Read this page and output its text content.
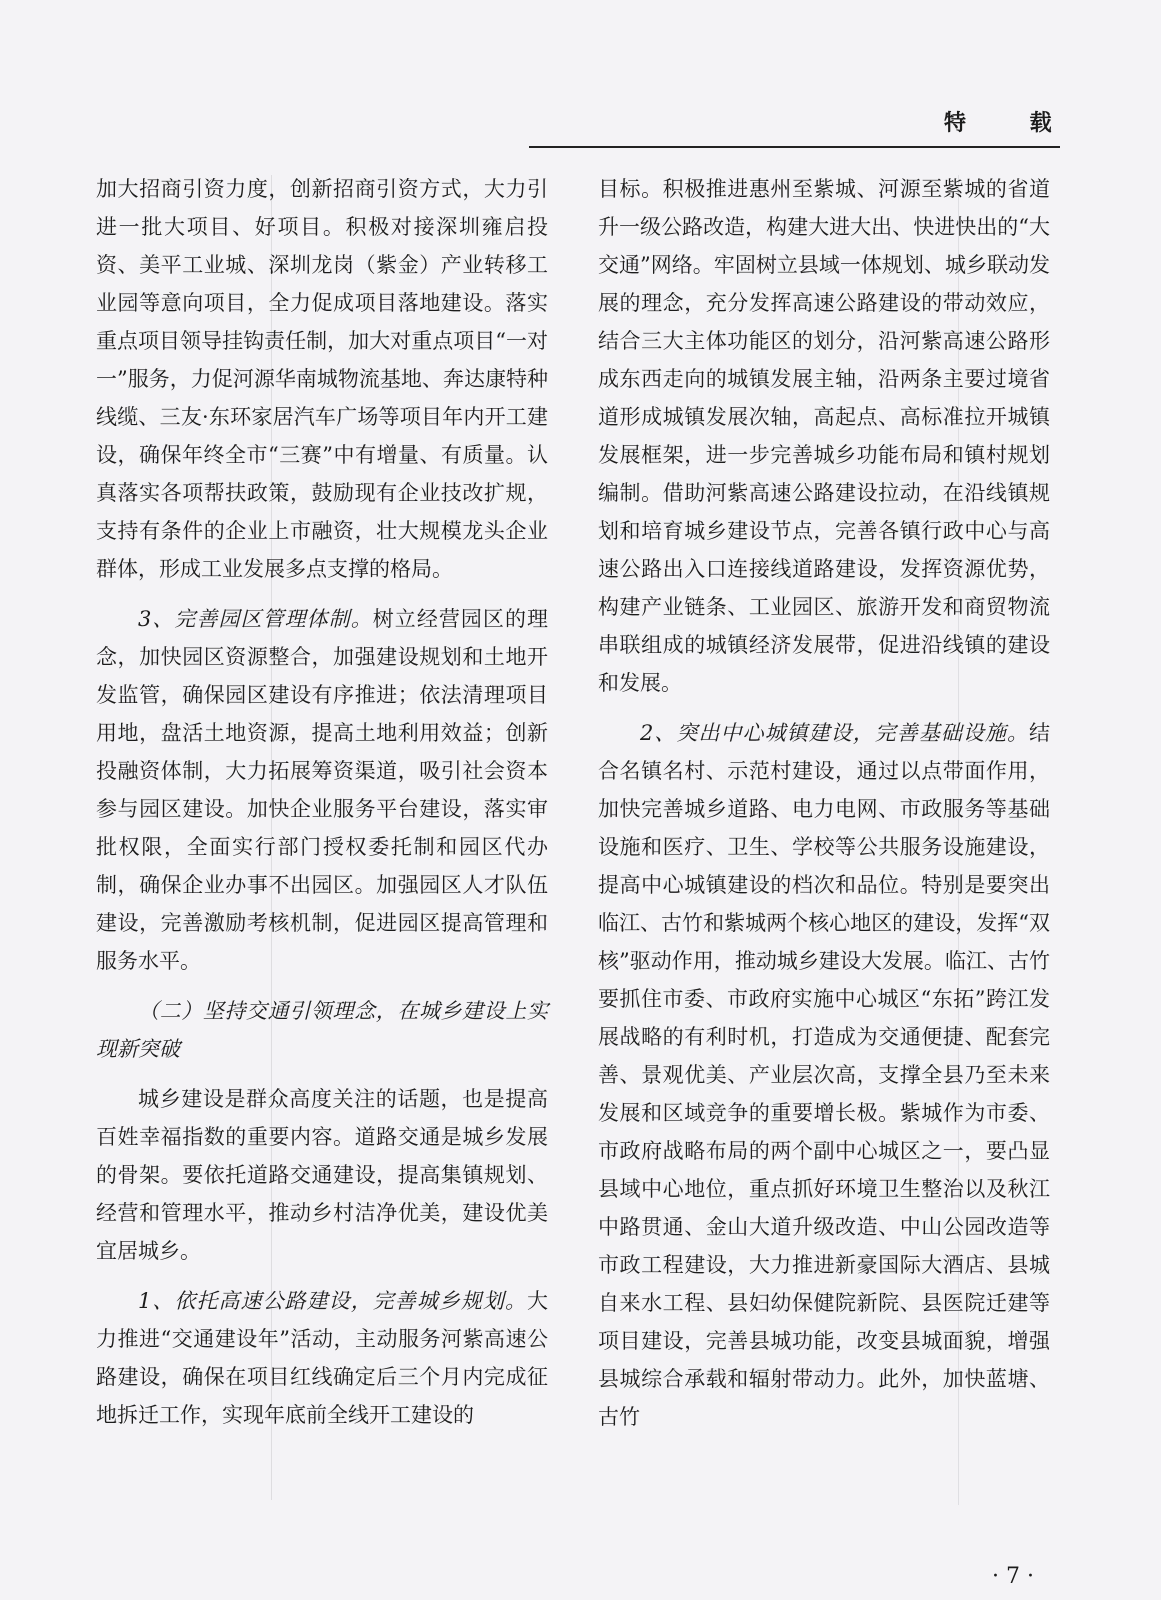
特 载

加大招商引资力度，创新招商引资方式，大力引进一批大项目、好项目。积极对接深圳雍启投资、美平工业城、深圳龙岗（紫金）产业转移工业园等意向项目，全力促成项目落地建设。落实重点项目领导挂钩责任制，加大对重点项目“一对一”服务，力促河源华南城物流基地、奔达康特种线缆、三友·东环家居汽车广场等项目年内开工建设，确保年终全市“三赛”中有增量、有质量。认真落实各项帮扶政策，鼓励现有企业技改扩规，支持有条件的企业上市融资，壮大规模龙头企业群体，形成工业发展多点支撑的格局。

3、完善园区管理体制。树立经营园区的理念，加快园区资源整合，加强建设规划和土地开发监管，确保园区建设有序推进；依法清理项目用地，盘活土地资源，提高土地利用效益；创新投融资体制，大力拓展筹资渠道，吸引社会资本参与园区建设。加快企业服务平台建设，落实审批权限，全面实行部门授权委托制和园区代办制，确保企业办事不出园区。加强园区人才队伍建设，完善激励考核机制，促进园区提高管理和服务水平。

（二）坚持交通引领理念，在城乡建设上实现新突破

城乡建设是群众高度关注的话题，也是提高百姓幸福指数的重要内容。道路交通是城乡发展的骨架。要依托道路交通建设，提高集镇规划、经营和管理水平，推动乡村洁净优美，建设优美宜居城乡。

1、依托高速公路建设，完善城乡规划。大力推进“交通建设年”活动，主动服务河紫高速公路建设，确保在项目红线确定后三个月内完成征地拆迁工作，实现年底前全线开工建设的

目标。积极推进惠州至紫城、河源至紫城的省道升一级公路改造，构建大进大出、快进快出的“大交通”网络。牢固树立县域一体规划、城乡联动发展的理念，充分发挥高速公路建设的带动效应，结合三大主体功能区的划分，沿河紫高速公路形成东西走向的城镇发展主轴，沿两条主要过境省道形成城镇发展次轴，高起点、高标准拉开城镇发展框架，进一步完善城乡功能布局和镇村规划编制。借助河紫高速公路建设拉动，在沿线镇规划和培育城乡建设节点，完善各镇行政中心与高速公路出入口连接线道路建设，发挥资源优势，构建产业链条、工业园区、旅游开发和商贸物流串联组成的城镇经济发展带，促进沿线镇的建设和发展。

2、突出中心城镇建设，完善基础设施。结合名镇名村、示范村建设，通过以点带面作用，加快完善城乡道路、电力电网、市政服务等基础设施和医疗、卫生、学校等公共服务设施建设，提高中心城镇建设的档次和品位。特别是要突出临江、古竹和紫城两个核心地区的建设，发挥“双核”驱动作用，推动城乡建设大发展。临江、古竹要抓住市委、市政府实施中心城区“东拓”跨江发展战略的有利时机，打造成为交通便捷、配套完善、景观优美、产业层次高，支撑全县乃至未来发展和区域竞争的重要增长极。紫城作为市委、市政府战略布局的两个副中心城区之一，要凸显县域中心地位，重点抓好环境卫生整治以及秋江中路贯通、金山大道升级改造、中山公园改造等市政工程建设，大力推进新豪国际大酒店、县城自来水工程、县妇幼保健院新院、县医院迁建等项目建设，完善县城功能，改变县城面貌，增强县城综合承载和辐射带动力。此外，加快蓝塘、古竹

· 7 ·
